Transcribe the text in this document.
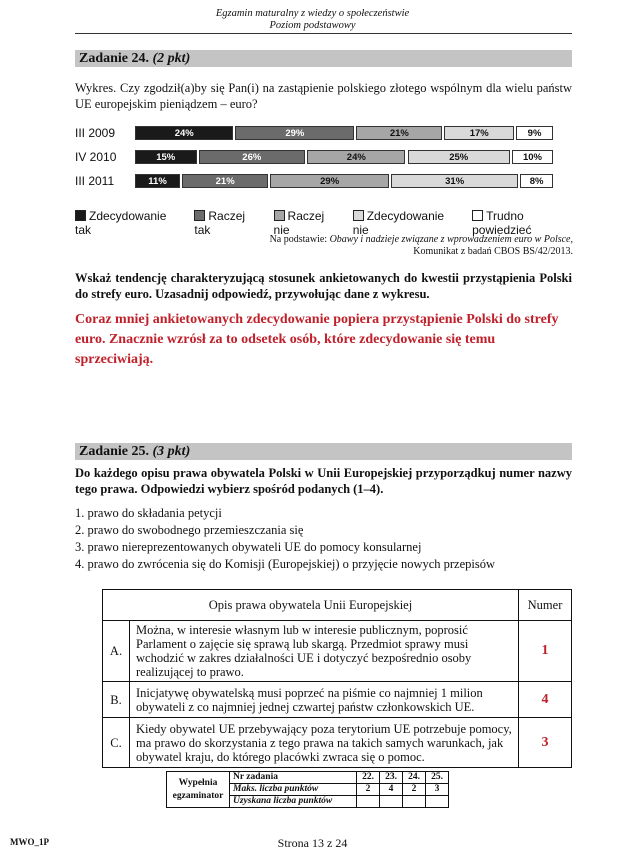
Egzamin maturalny z wiedzy o społeczeństwie
Poziom podstawowy
Zadanie 24. (2 pkt)
Wykres. Czy zgodził(a)by się Pan(i) na zastąpienie polskiego złotego wspólnym dla wielu państw UE europejskim pieniądzem – euro?
III 2009	24%	29%	21%	17%	9%
IV 2010	15%	26%	24%	25%	10%
III 2011	11%	21%	29%	31%	8%
Zdecydowanie tak
Raczej tak
Raczej nie
Zdecydowanie nie
Trudno powiedzieć
Na podstawie: Obawy i nadzieje związane z wprowadzeniem euro w Polsce,
Komunikat z badań CBOS BS/42/2013.
Wskaż tendencję charakteryzującą stosunek ankietowanych do kwestii przystąpienia Polski do strefy euro. Uzasadnij odpowiedź, przywołując dane z wykresu.
Coraz mniej ankietowanych zdecydowanie popiera przystąpienie Polski do strefy euro. Znacznie wzrósł za to odsetek osób, które zdecydowanie się temu sprzeciwiają.
Zadanie 25. (3 pkt)
Do każdego opisu prawa obywatela Polski w Unii Europejskiej przyporządkuj numer nazwy tego prawa. Odpowiedzi wybierz spośród podanych (1–4).
1. prawo do składania petycji
2. prawo do swobodnego przemieszczania się
3. prawo niereprezentowanych obywateli UE do pomocy konsularnej
4. prawo do zwrócenia się do Komisji (Europejskiej) o przyjęcie nowych przepisów
Opis prawa obywatela Unii Europejskiej		Numer
A.	Można, w interesie własnym lub w interesie publicznym, poprosić Parlament o zajęcie się sprawą lub skargą. Przedmiot sprawy musi wchodzić w zakres działalności UE i dotyczyć bezpośrednio osoby realizującej to prawo.	1
B.	Inicjatywę obywatelską musi poprzeć na piśmie co najmniej 1 milion obywateli z co najmniej jednej czwartej państw członkowskich UE.	4
C.	Kiedy obywatel UE przebywający poza terytorium UE potrzebuje pomocy, ma prawo do skorzystania z tego prawa na takich samych warunkach, jak obywatel kraju, do którego placówki zwraca się o pomoc.	3
Wypełnia
egzaminator	Nr zadania	22.	23.	24.	25.
	Maks. liczba punktów	2	4	2	3
	Uzyskana liczba punktów				
MWO_1P	Strona 13 z 24
